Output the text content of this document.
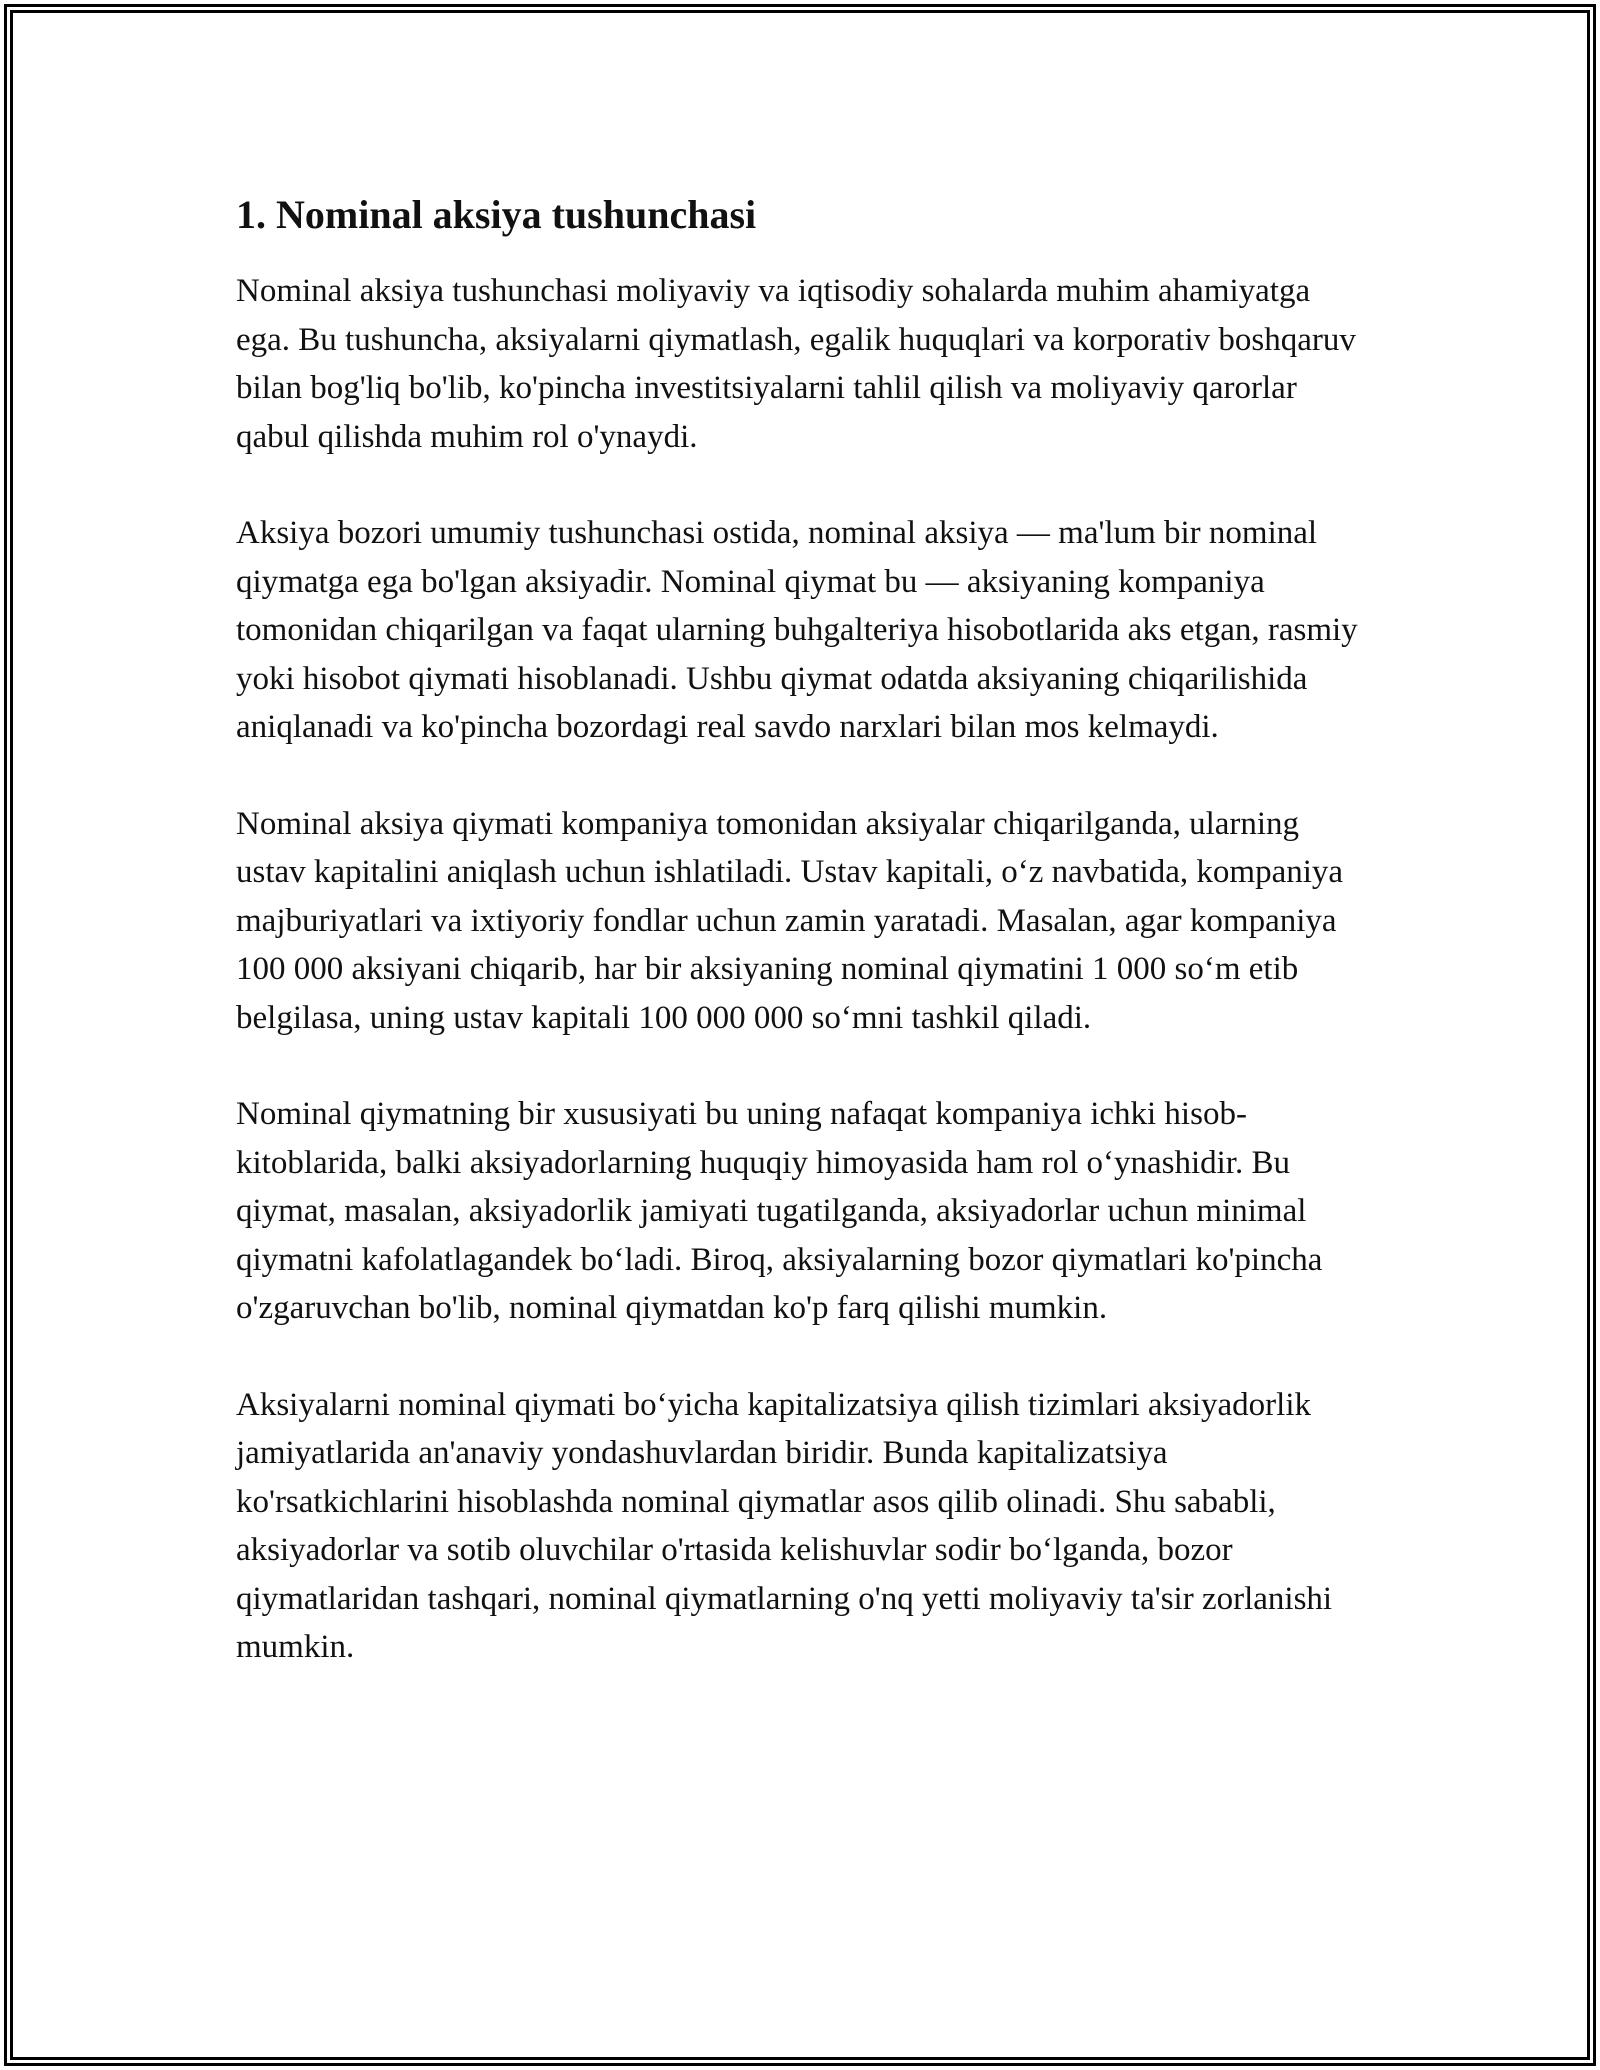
1. Nominal aksiya tushunchasi

Nominal aksiya tushunchasi moliyaviy va iqtisodiy sohalarda muhim ahamiyatga ega. Bu tushuncha, aksiyalarni qiymatlash, egalik huquqlari va korporativ boshqaruv bilan bog'liq bo'lib, ko'pincha investitsiyalarni tahlil qilish va moliyaviy qarorlar qabul qilishda muhim rol o'ynaydi.

Aksiya bozori umumiy tushunchasi ostida, nominal aksiya — ma'lum bir nominal qiymatga ega bo'lgan aksiyadir. Nominal qiymat bu — aksiyaning kompaniya tomonidan chiqarilgan va faqat ularning buhgalteriya hisobotlarida aks etgan, rasmiy yoki hisobot qiymati hisoblanadi. Ushbu qiymat odatda aksiyaning chiqarilishida aniqlanadi va ko'pincha bozordagi real savdo narxlari bilan mos kelmaydi.

Nominal aksiya qiymati kompaniya tomonidan aksiyalar chiqarilganda, ularning ustav kapitalini aniqlash uchun ishlatiladi. Ustav kapitali, o‘z navbatida, kompaniya majburiyatlari va ixtiyoriy fondlar uchun zamin yaratadi. Masalan, agar kompaniya 100 000 aksiyani chiqarib, har bir aksiyaning nominal qiymatini 1 000 so‘m etib belgilasa, uning ustav kapitali 100 000 000 so‘mni tashkil qiladi.

Nominal qiymatning bir xususiyati bu uning nafaqat kompaniya ichki hisob-kitoblarida, balki aksiyadorlarning huquqiy himoyasida ham rol o‘ynashidir. Bu qiymat, masalan, aksiyadorlik jamiyati tugatilganda, aksiyadorlar uchun minimal qiymatni kafolatlagandek bo‘ladi. Biroq, aksiyalarning bozor qiymatlari ko'pincha o'zgaruvchan bo'lib, nominal qiymatdan ko'p farq qilishi mumkin.

Aksiyalarni nominal qiymati bo‘yicha kapitalizatsiya qilish tizimlari aksiyadorlik jamiyatlarida an'anaviy yondashuvlardan biridir. Bunda kapitalizatsiya ko'rsatkichlarini hisoblashda nominal qiymatlar asos qilib olinadi. Shu sababli, aksiyadorlar va sotib oluvchilar o'rtasida kelishuvlar sodir bo‘lganda, bozor qiymatlaridan tashqari, nominal qiymatlarning o'nq yetti moliyaviy ta'sir zorlanishi mumkin.
